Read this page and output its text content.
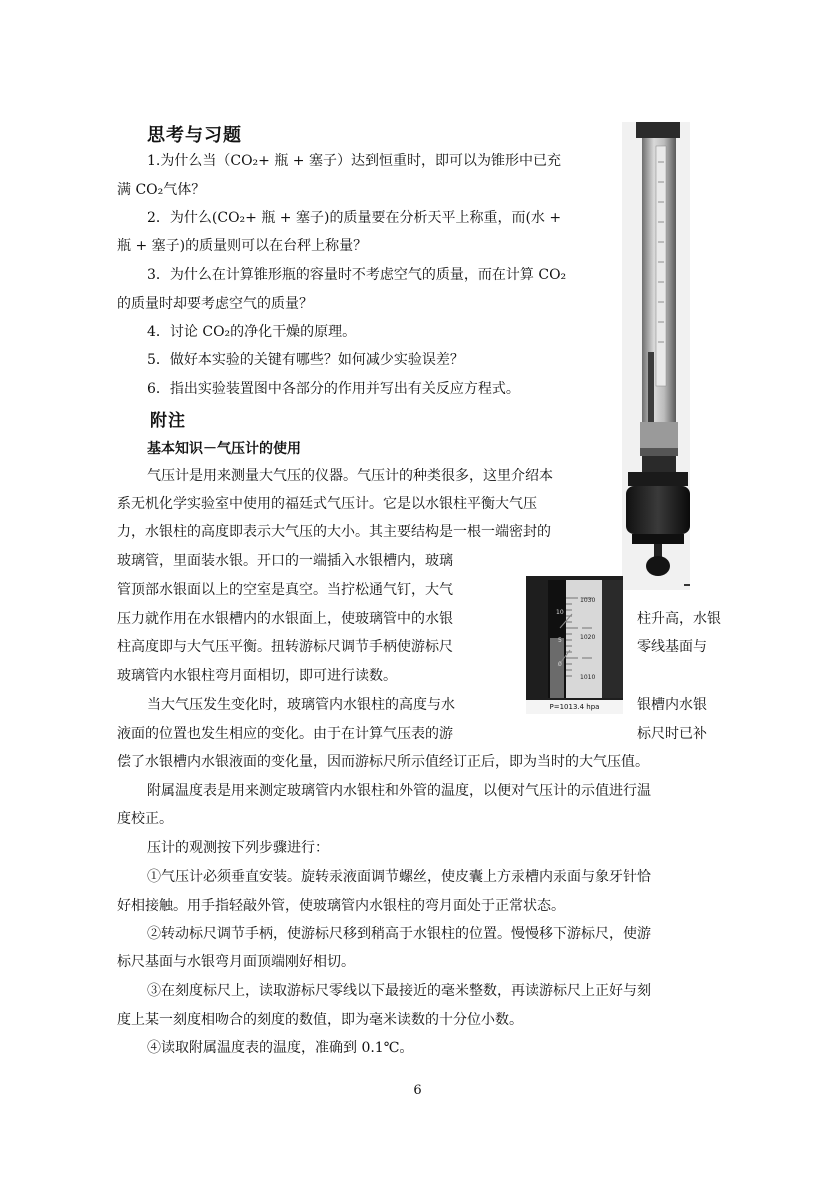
思考与习题
1.为什么当（CO₂+ 瓶 + 塞子）达到恒重时，即可以为锥形中已充
满 CO₂气体？
2．为什么(CO₂+ 瓶 + 塞子)的质量要在分析天平上称重，而(水 +
瓶 + 塞子)的质量则可以在台秤上称量？
3．为什么在计算锥形瓶的容量时不考虑空气的质量，而在计算 CO₂
的质量时却要考虑空气的质量？
4．讨论 CO₂的净化干燥的原理。
5．做好本实验的关键有哪些？如何减少实验误差？
6．指出实验装置图中各部分的作用并写出有关反应方程式。
附注
基本知识－气压计的使用
气压计是用来测量大气压的仪器。气压计的种类很多，这里介绍本
系无机化学实验室中使用的福廷式气压计。它是以水银柱平衡大气压
力，水银柱的高度即表示大气压的大小。其主要结构是一根一端密封的
玻璃管，里面装水银。开口的一端插入水银槽内，玻璃
管顶部水银面以上的空室是真空。当拧松通气钉，大气
压力就作用在水银槽内的水银面上，使玻璃管中的水银	柱升高，水银
柱高度即与大气压平衡。扭转游标尺调节手柄使游标尺	零线基面与
玻璃管内水银柱弯月面相切，即可进行读数。
当大气压发生变化时，玻璃管内水银柱的高度与水	银槽内水银
液面的位置也发生相应的变化。由于在计算气压表的游	标尺时已补
偿了水银槽内水银液面的变化量，因而游标尺所示值经订正后，即为当时的大气压值。
附属温度表是用来测定玻璃管内水银柱和外管的温度，以便对气压计的示值进行温
度校正。
压计的观测按下列步骤进行：
①气压计必须垂直安装。旋转汞液面调节螺丝，使皮囊上方汞槽内汞面与象牙针恰
好相接触。用手指轻敲外管，使玻璃管内水银柱的弯月面处于正常状态。
②转动标尺调节手柄，使游标尺移到稍高于水银柱的位置。慢慢移下游标尺，使游
标尺基面与水银弯月面顶端刚好相切。
③在刻度标尺上，读取游标尺零线以下最接近的毫米整数，再读游标尺上正好与刻
度上某一刻度相吻合的刻度的数值，即为毫米读数的十分位小数。
④读取附属温度表的温度，准确到 0.1℃。
6
10
5
0
1030
1020
1010
P=1013.4 hpa
